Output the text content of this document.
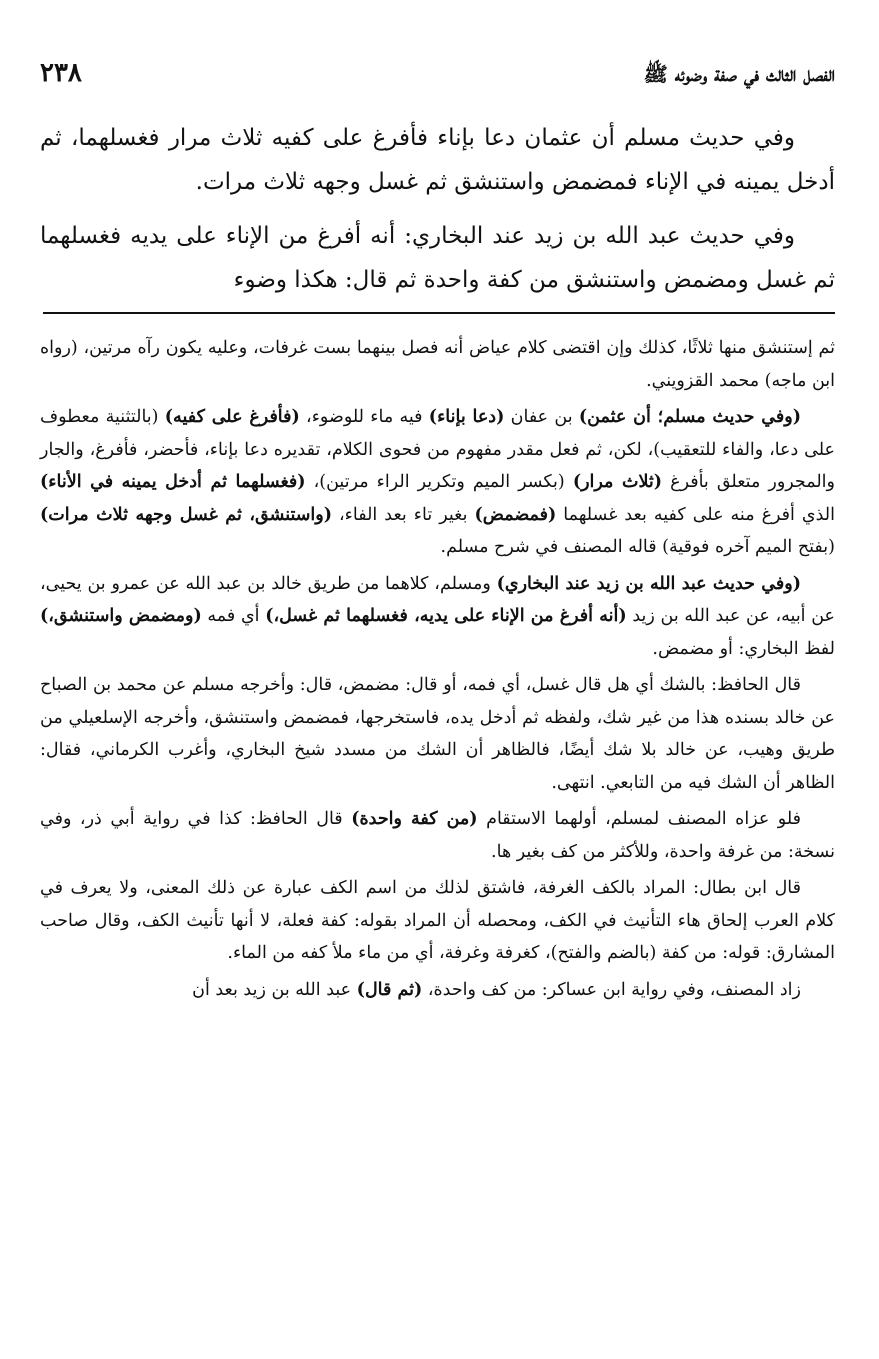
الفصل الثالث في صفة وضوئه ﷺ
٢٣٨

وفي حديث مسلم أن عثمان دعا بإناء فأفرغ على كفيه ثلاث مرار فغسلهما، ثم أدخل يمينه في الإناء فمضمض واستنشق ثم غسل وجهه ثلاث مرات.

وفي حديث عبد الله بن زيد عند البخاري: أنه أفرغ من الإناء على يديه فغسلهما ثم غسل ومضمض واستنشق من كفة واحدة ثم قال: هكذا وضوء

ثم إستنشق منها ثلاثًا، كذلك وإن اقتضى كلام عياض أنه فصل بينهما بست غرفات، وعليه يكون رآه مرتين، (رواه ابن ماجه) محمد القزويني.

(وفي حديث مسلم؛ أن عثمن) بن عفان (دعا بإناء) فيه ماء للوضوء، (فأفرغ على كفيه) (بالتثنية معطوف على دعا، والفاء للتعقيب)، لكن، ثم فعل مقدر مفهوم من فحوى الكلام، تقديره دعا بإناء، فأحضر، فأفرغ، والجار والمجرور متعلق بأفرغ (ثلاث مرار) (بكسر الميم وتكرير الراء مرتين)، (فغسلهما ثم أدخل يمينه في الأناء) الذي أفرغ منه على كفيه بعد غسلهما (فمضمض) بغير تاء بعد الفاء، (واستنشق، ثم غسل وجهه ثلاث مرات) (بفتح الميم آخره فوقية) قاله المصنف في شرح مسلم.

(وفي حديث عبد الله بن زيد عند البخاري) ومسلم، كلاهما من طريق خالد بن عبد الله عن عمرو بن يحيى، عن أبيه، عن عبد الله بن زيد (أنه أفرغ من الإناء على يديه، فغسلهما ثم غسل،) أي فمه (ومضمض واستنشق،) لفظ البخاري: أو مضمض.

قال الحافظ: بالشك أي هل قال غسل، أي فمه، أو قال: مضمض، قال: وأخرجه مسلم عن محمد بن الصباح عن خالد بسنده هذا من غير شك، ولفظه ثم أدخل يده، فاستخرجها، فمضمض واستنشق، وأخرجه الإسلعيلي من طريق وهيب، عن خالد بلا شك أيضًا، فالظاهر أن الشك من مسدد شيخ البخاري، وأغرب الكرماني، فقال: الظاهر أن الشك فيه من التابعي. انتهى.

فلو عزاه المصنف لمسلم، أولهما الاستقام (من كفة واحدة) قال الحافظ: كذا في رواية أبي ذر، وفي نسخة: من غرفة واحدة، وللأكثر من كف بغير ها.

قال ابن بطال: المراد بالكف الغرفة، فاشتق لذلك من اسم الكف عبارة عن ذلك المعنى، ولا يعرف في كلام العرب إلحاق هاء التأنيث في الكف، ومحصله أن المراد بقوله: كفة فعلة، لا أنها تأنيث الكف، وقال صاحب المشارق: قوله: من كفة (بالضم والفتح)، كغرفة وغرفة، أي من ماء ملأ كفه من الماء.

زاد المصنف، وفي رواية ابن عساكر: من كف واحدة، (ثم قال) عبد الله بن زيد بعد أن
